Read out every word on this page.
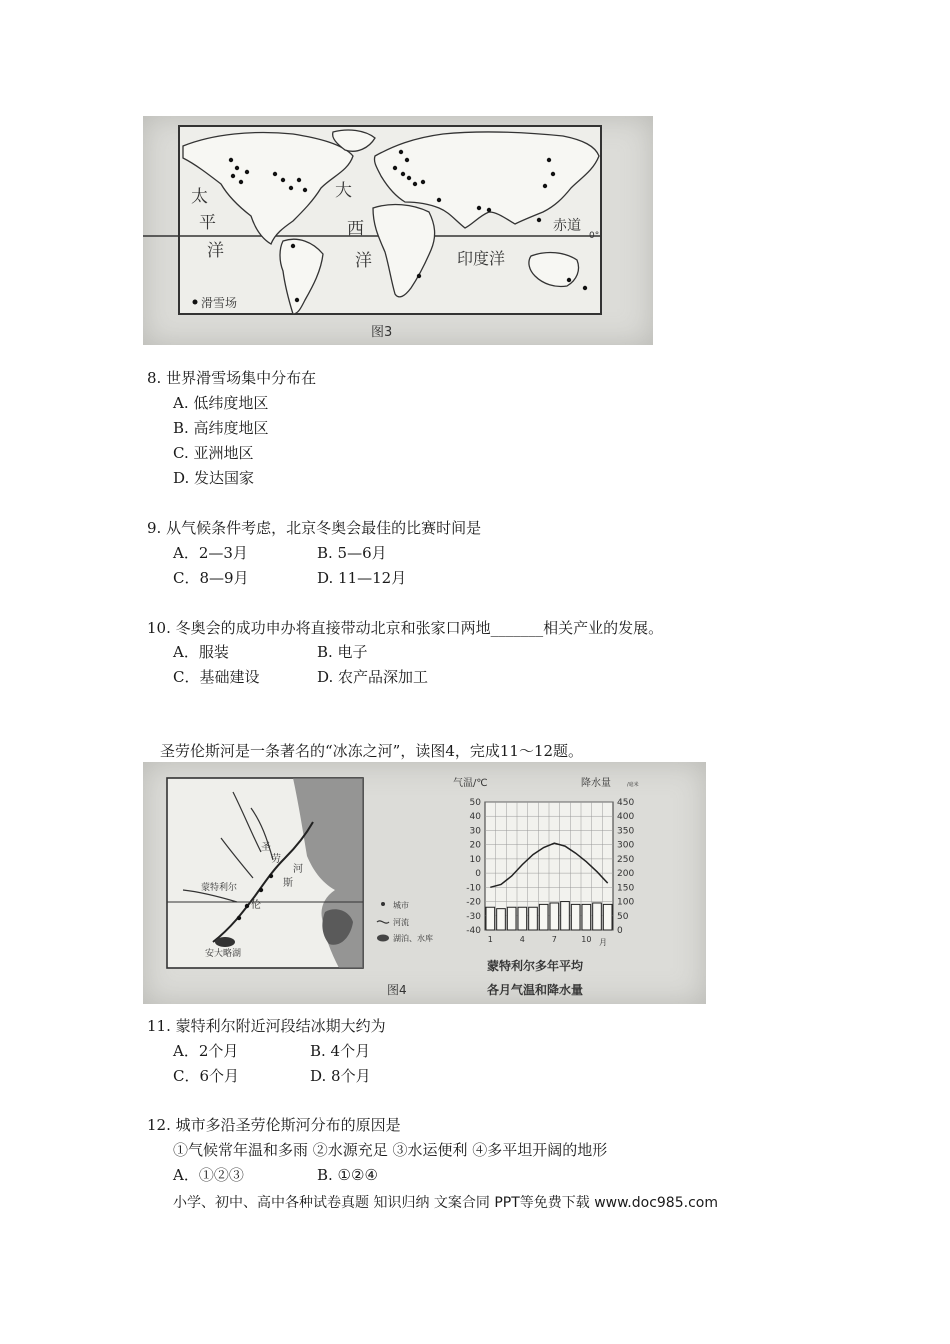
太
平
洋
大
西
洋	印度洋
赤道
0°
滑雪场
图3
8. 世界滑雪场集中分布在
A. 低纬度地区
B. 高纬度地区
C. 亚洲地区
D. 发达国家
9. 从气候条件考虑，北京冬奥会最佳的比赛时间是
A．2—3月	B. 5—6月
C．8—9月	D. 11—12月
10. 冬奥会的成功申办将直接带动北京和张家口两地_______相关产业的发展。
A．服装	B. 电子
C．基础建设	D. 农产品深加工
圣劳伦斯河是一条著名的“冰冻之河”，读图4，完成11～12题。
蒙特利尔
圣
劳
伦
斯
河
安大略湖
城市
河流
湖泊、水库
气温/℃	降水量	/毫米
月
50
40
30
20
10
0
-10
-20
-30
-40
450
400
350
300
250
200
150
100
50
0
1	4	7	10
蒙特利尔多年平均
各月气温和降水量
图4
11. 蒙特利尔附近河段结冰期大约为
A．2个月	B. 4个月
C．6个月	D. 8个月
12. 城市多沿圣劳伦斯河分布的原因是
①气候常年温和多雨 ②水源充足 ③水运便利 ④多平坦开阔的地形
A．①②③	B. ①②④
小学、初中、高中各种试卷真题 知识归纳 文案合同 PPT等免费下载 www.doc985.com
